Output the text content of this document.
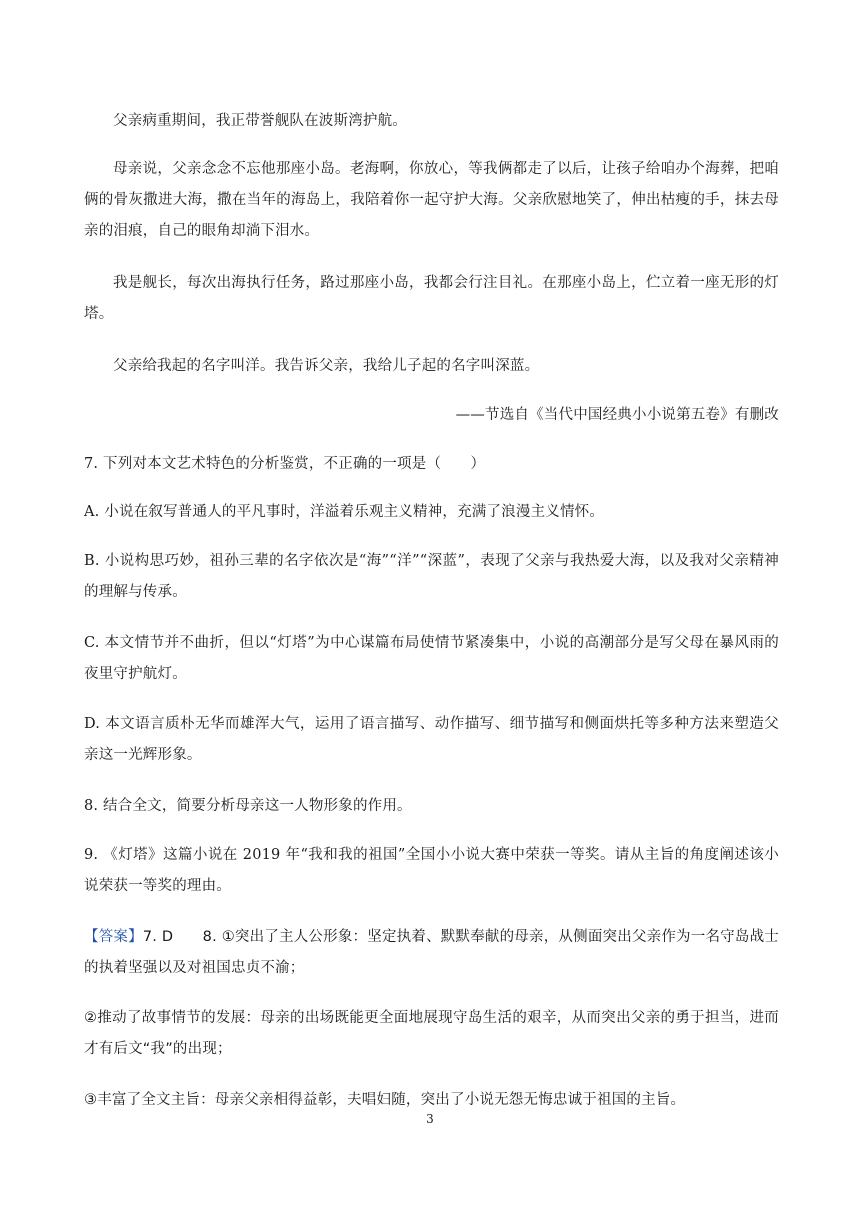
父亲病重期间，我正带誉舰队在波斯湾护航。

母亲说，父亲念念不忘他那座小岛。老海啊，你放心，等我俩都走了以后，让孩子给咱办个海葬，把咱俩的骨灰撒进大海，撒在当年的海岛上，我陪着你一起守护大海。父亲欣慰地笑了，伸出枯瘦的手，抹去母亲的泪痕，自己的眼角却淌下泪水。

我是舰长，每次出海执行任务，路过那座小岛，我都会行注目礼。在那座小岛上，伫立着一座无形的灯塔。

父亲给我起的名字叫洋。我告诉父亲，我给儿子起的名字叫深蓝。

——节选自《当代中国经典小小说第五卷》有删改

7. 下列对本文艺术特色的分析鉴赏，不正确的一项是（　　）

A. 小说在叙写普通人的平凡事时，洋溢着乐观主义精神，充满了浪漫主义情怀。

B. 小说构思巧妙，祖孙三辈的名字依次是“海”“洋”“深蓝”，表现了父亲与我热爱大海，以及我对父亲精神的理解与传承。

C. 本文情节并不曲折，但以“灯塔”为中心谋篇布局使情节紧凑集中，小说的高潮部分是写父母在暴风雨的夜里守护航灯。

D. 本文语言质朴无华而雄浑大气，运用了语言描写、动作描写、细节描写和侧面烘托等多种方法来塑造父亲这一光辉形象。

8. 结合全文，简要分析母亲这一人物形象的作用。

9. 《灯塔》这篇小说在 2019 年“我和我的祖国”全国小小说大赛中荣获一等奖。请从主旨的角度阐述该小说荣获一等奖的理由。

【答案】7. D　　8. ①突出了主人公形象：坚定执着、默默奉献的母亲，从侧面突出父亲作为一名守岛战士的执着坚强以及对祖国忠贞不渝；

②推动了故事情节的发展：母亲的出场既能更全面地展现守岛生活的艰辛，从而突出父亲的勇于担当，进而才有后文“我”的出现；

③丰富了全文主旨：母亲父亲相得益彰，夫唱妇随，突出了小说无怨无悔忠诚于祖国的主旨。

3
